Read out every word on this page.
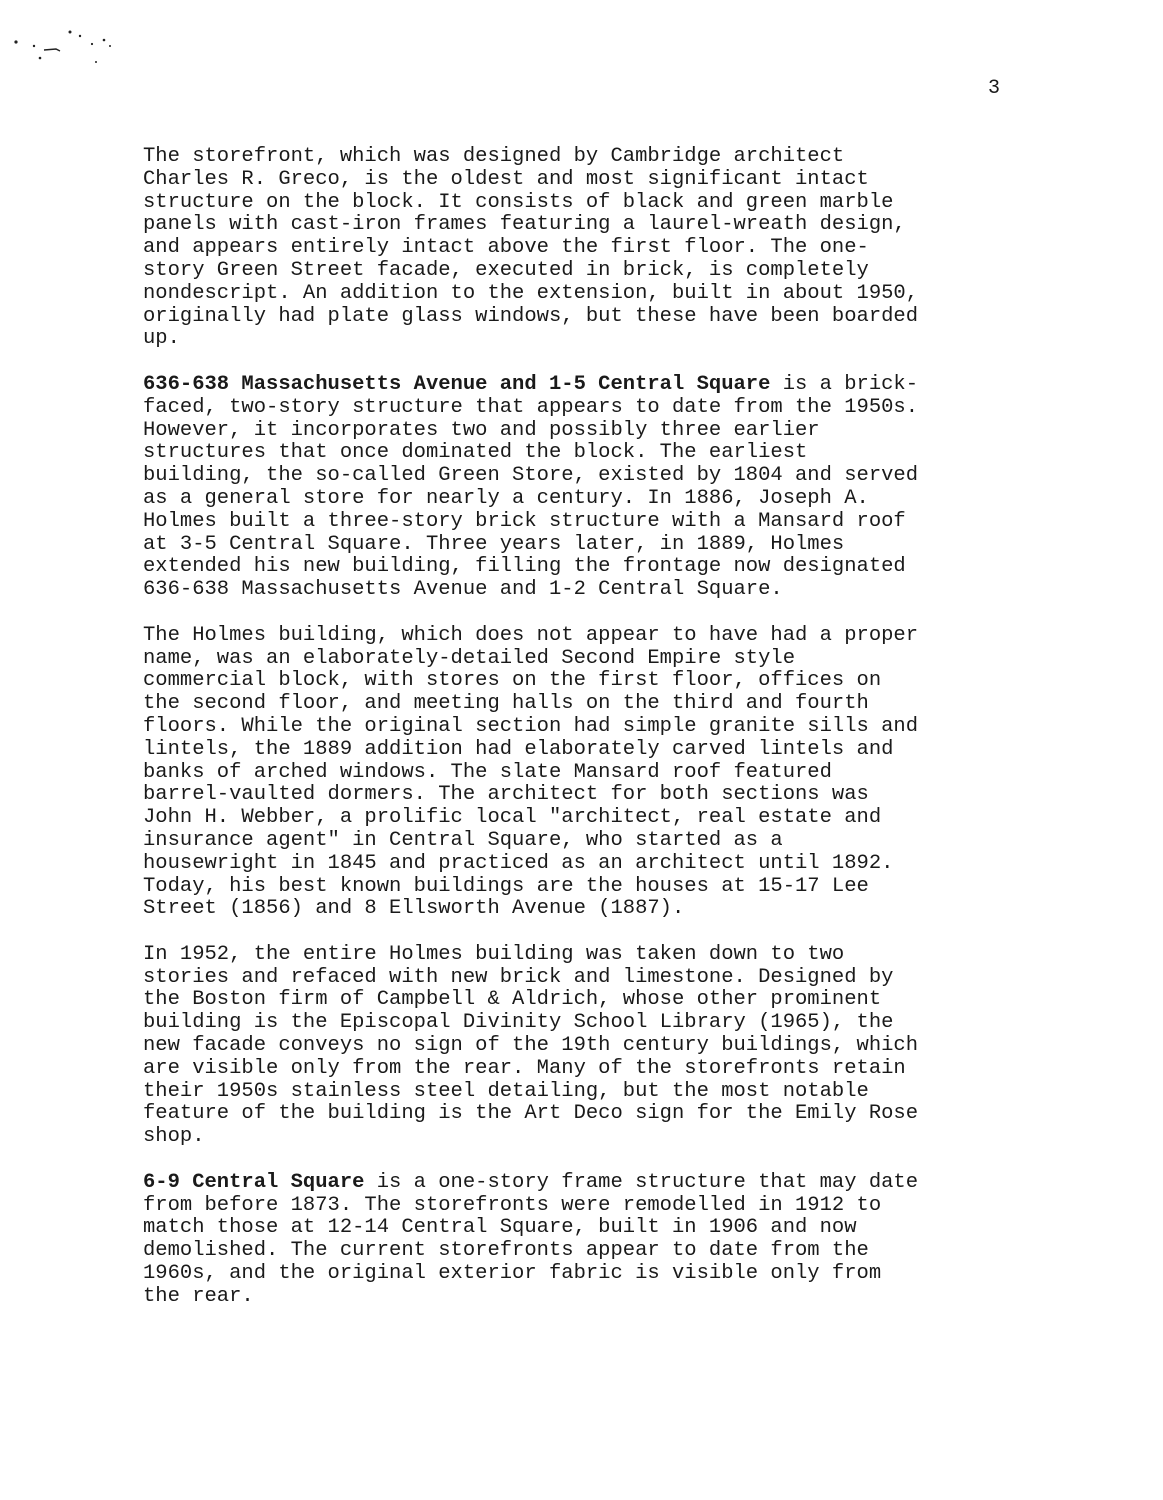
3

The storefront, which was designed by Cambridge architect
Charles R. Greco, is the oldest and most significant intact
structure on the block. It consists of black and green marble
panels with cast-iron frames featuring a laurel-wreath design,
and appears entirely intact above the first floor. The one-
story Green Street facade, executed in brick, is completely
nondescript. An addition to the extension, built in about 1950,
originally had plate glass windows, but these have been boarded
up.

636-638 Massachusetts Avenue and 1-5 Central Square is a brick-
faced, two-story structure that appears to date from the 1950s.
However, it incorporates two and possibly three earlier
structures that once dominated the block. The earliest
building, the so-called Green Store, existed by 1804 and served
as a general store for nearly a century. In 1886, Joseph A.
Holmes built a three-story brick structure with a Mansard roof
at 3-5 Central Square. Three years later, in 1889, Holmes
extended his new building, filling the frontage now designated
636-638 Massachusetts Avenue and 1-2 Central Square.

The Holmes building, which does not appear to have had a proper
name, was an elaborately-detailed Second Empire style
commercial block, with stores on the first floor, offices on
the second floor, and meeting halls on the third and fourth
floors. While the original section had simple granite sills and
lintels, the 1889 addition had elaborately carved lintels and
banks of arched windows. The slate Mansard roof featured
barrel-vaulted dormers. The architect for both sections was
John H. Webber, a prolific local "architect, real estate and
insurance agent" in Central Square, who started as a
housewright in 1845 and practiced as an architect until 1892.
Today, his best known buildings are the houses at 15-17 Lee
Street (1856) and 8 Ellsworth Avenue (1887).

In 1952, the entire Holmes building was taken down to two
stories and refaced with new brick and limestone. Designed by
the Boston firm of Campbell & Aldrich, whose other prominent
building is the Episcopal Divinity School Library (1965), the
new facade conveys no sign of the 19th century buildings, which
are visible only from the rear. Many of the storefronts retain
their 1950s stainless steel detailing, but the most notable
feature of the building is the Art Deco sign for the Emily Rose
shop.

6-9 Central Square is a one-story frame structure that may date
from before 1873. The storefronts were remodelled in 1912 to
match those at 12-14 Central Square, built in 1906 and now
demolished. The current storefronts appear to date from the
1960s, and the original exterior fabric is visible only from
the rear.
